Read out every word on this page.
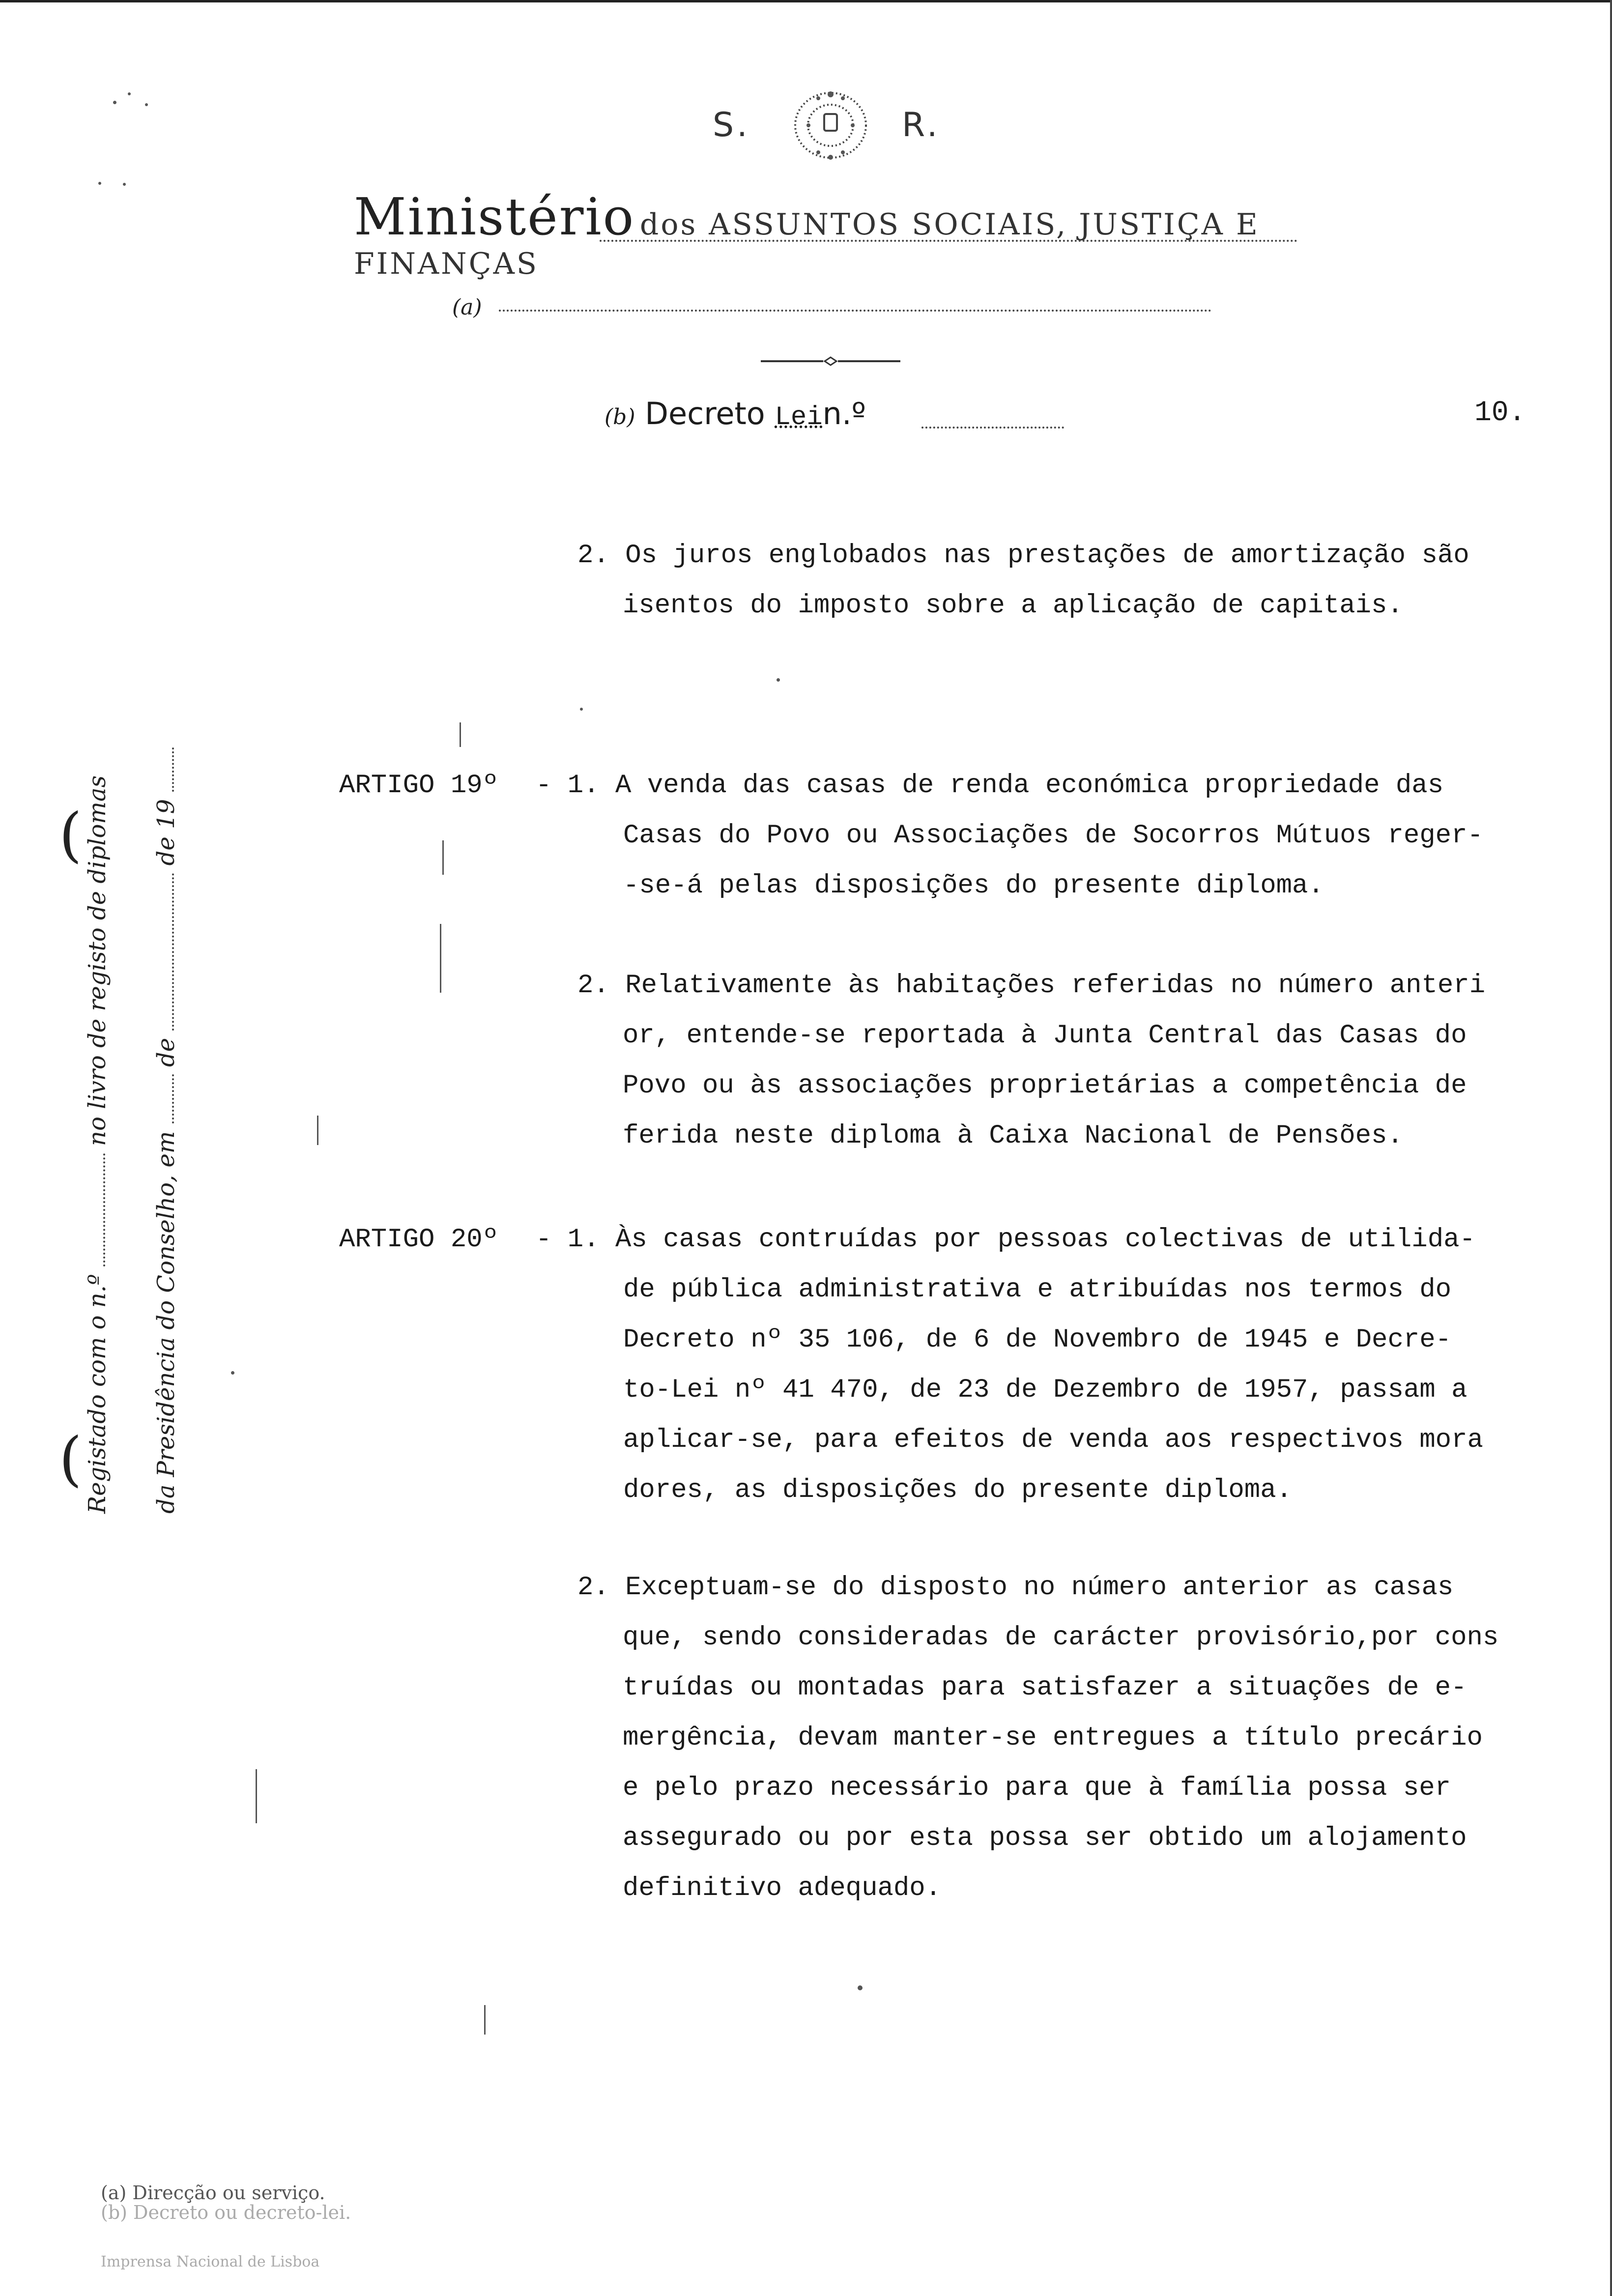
S.	R.
Ministério dos ASSUNTOS SOCIAIS, JUSTIÇA E FINANÇAS
(a)
(b) Decreto Lein.º	10.
2. Os juros englobados nas prestações de amortização são
isentos do imposto sobre a aplicação de capitais.
ARTIGO 19º - 1. A venda das casas de renda económica propriedade das
Casas do Povo ou Associações de Socorros Mútuos reger-
-se-á pelas disposições do presente diploma.
2. Relativamente às habitações referidas no número anteri
or, entende-se reportada à Junta Central das Casas do
Povo ou às associações proprietárias a competência de
ferida neste diploma à Caixa Nacional de Pensões.
ARTIGO 20º - 1. Às casas contruídas por pessoas colectivas de utilida-
de pública administrativa e atribuídas nos termos do
Decreto nº 35 106, de 6 de Novembro de 1945 e Decre-
to-Lei nº 41 470, de 23 de Dezembro de 1957, passam a
aplicar-se, para efeitos de venda aos respectivos mora
dores, as disposições do presente diploma.
2. Exceptuam-se do disposto no número anterior as casas
que, sendo consideradas de carácter provisório,por cons
truídas ou montadas para satisfazer a situações de e-
mergência, devam manter-se entregues a título precário
e pelo prazo necessário para que à família possa ser
assegurado ou por esta possa ser obtido um alojamento
definitivo adequado.
(
( Registado com o n.º  no livro de registo de diplomas
da Presidência do Conselho, em  de  de 19
(a) Direcção ou serviço.
(b) Decreto ou decreto-lei.
Imprensa Nacional de Lisboa
